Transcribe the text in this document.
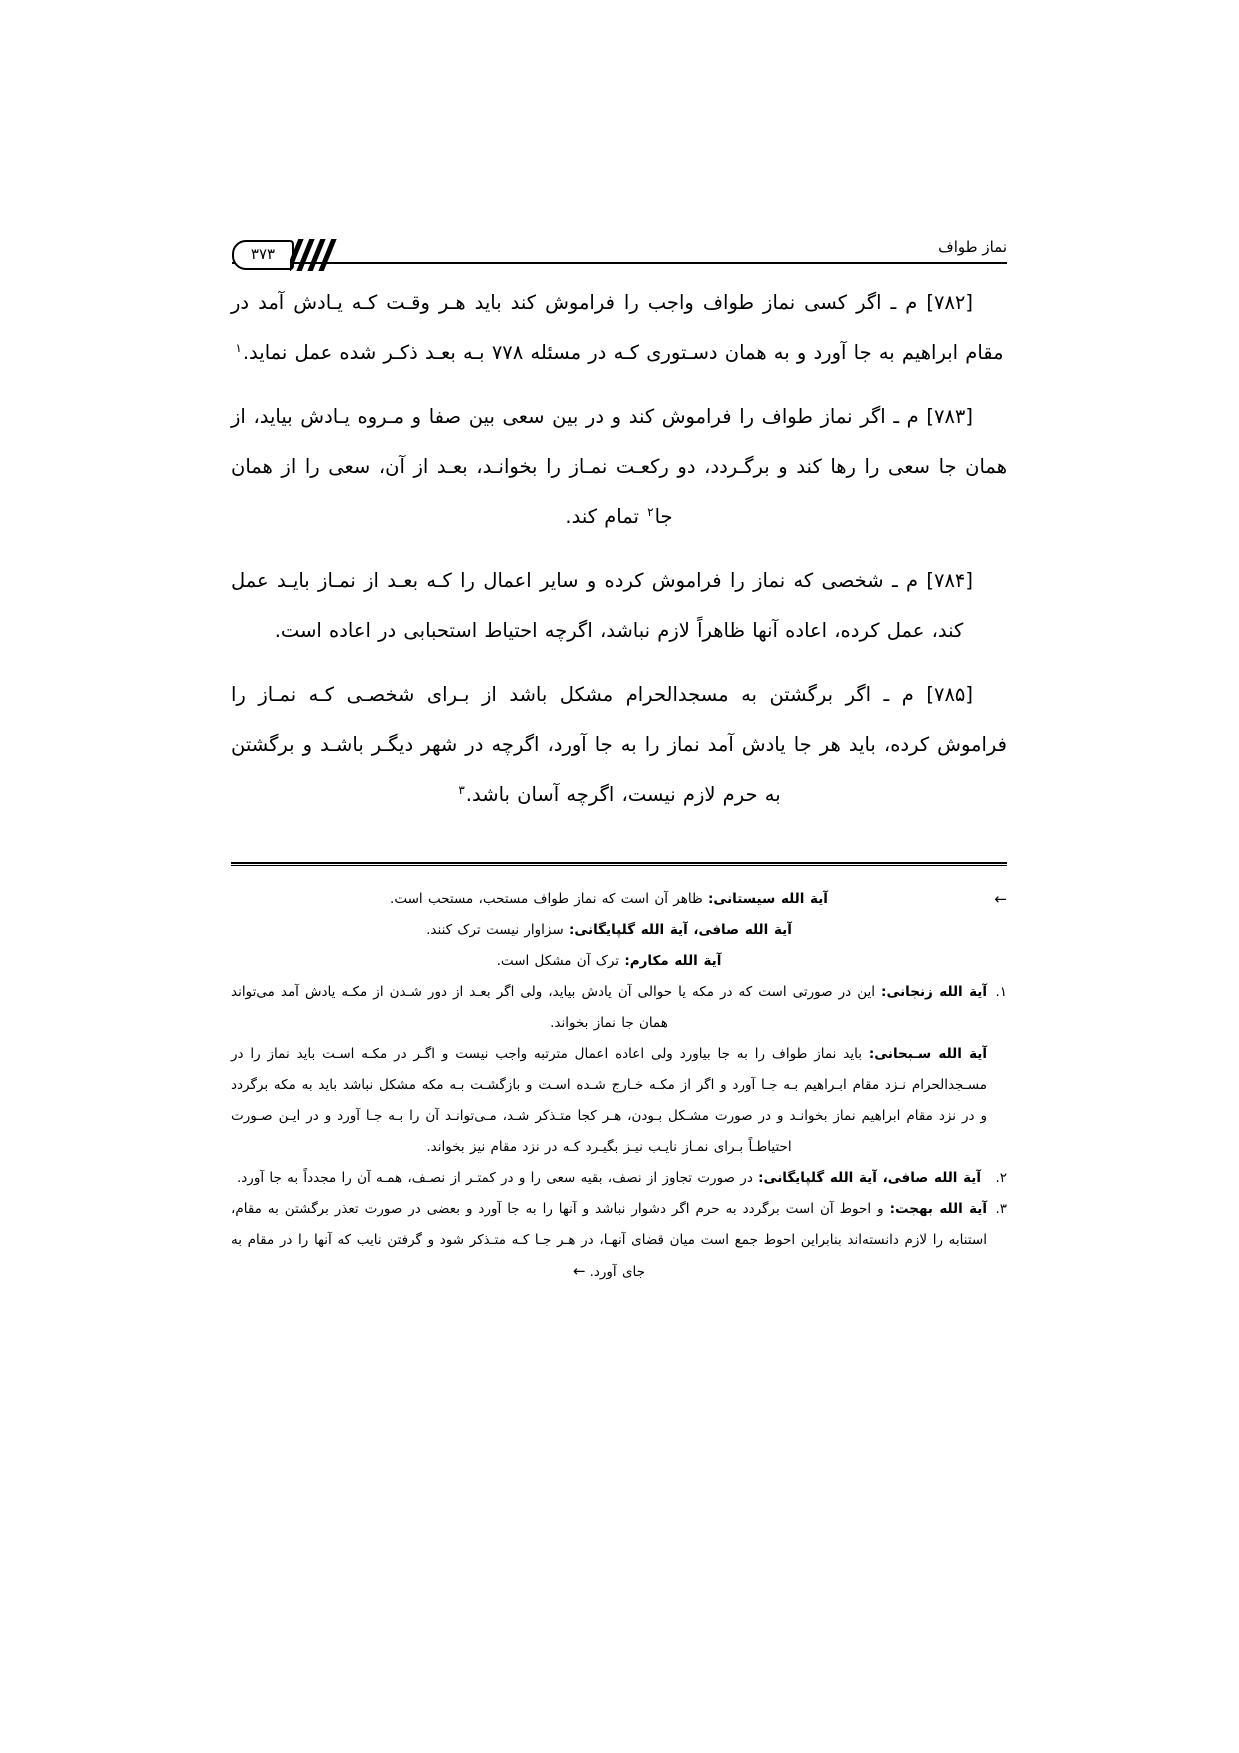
نماز طواف
۳۷۳

[۷۸۲] م ـ اگر کسی نماز طواف واجب را فراموش کند باید هـر وقـت کـه یـادش آمد در مقام ابراهیم به جا آورد و به همان دسـتوری کـه در مسئله ۷۷۸ بـه بعـد ذکـر شده عمل نماید.$^۱$

[۷۸۳] م ـ اگر نماز طواف را فراموش کند و در بین سعی بین صفا و مـروه یـادش بیاید، از همان جا سعی را رها کند و برگـردد، دو رکعـت نمـاز را بخوانـد، بعـد از آن، سعی را از همان جا$^۲$ تمام کند.

[۷۸۴] م ـ شخصی که نماز را فراموش کرده و سایر اعمال را کـه بعـد از نمـاز بایـد عمل کند، عمل کرده، اعاده آنها ظاهراً لازم نباشد، اگرچه احتیاط استحبابی در اعاده است.

[۷۸۵] م ـ اگر برگشتن به مسجدالحرام مشکل باشد از بـرای شخصـی کـه نمـاز را فراموش کرده، باید هر جا یادش آمد نماز را به جا آورد، اگرچه در شهر دیگـر باشـد و برگشتن به حرم لازم نیست، اگرچه آسان باشد.$^۳$

←
آیة الله سیستانی: ظاهر آن است که نماز طواف مستحب، مستحب است.
آیة الله صافی، آیة الله گلپایگانی: سزاوار نیست ترک کنند.
آیة الله مکارم: ترک آن مشکل است.
۱.
آیة الله زنجانی: این در صورتی است که در مکه یا حوالی آن یادش بیاید، ولی اگر بعـد از دور شـدن از مکـه یادش آمد می‌تواند همان جا نماز بخواند.
آیة الله سـبحانی: باید نماز طواف را به جا بیاورد ولی اعاده اعمال مترتبه واجب نیست و اگـر در مکـه اسـت باید نماز را در مسـجدالحرام نـزد مقام ابـراهیم بـه جـا آورد و اگر از مکـه خـارج شـده اسـت و بازگشـت بـه مکه مشکل نباشد باید به مکه برگردد و در نزد مقام ابراهیم نماز بخوانـد و در صورت مشـکل بـودن، هـر کجا متـذکر شـد، مـی‌توانـد آن را بـه جـا آورد و در ایـن صـورت احتیاطـاً بـرای نمـاز نایـب نیـز بگیـرد کـه در نزد مقام نیز بخواند.
۲.
آیة الله صافی، آیة الله گلپایگانی: در صورت تجاوز از نصف، بقیه سعی را و در کمتـر از نصـف، همـه آن را مجدداً به جا آورد.
۳.
آیة الله بهجت: و احوط آن است برگردد به حرم اگر دشوار نباشد و آنها را به جا آورد و بعضی در صورت تعذر برگشتن به مقام، استنابه را لازم دانسته‌اند بنابراین احوط جمع است میان قضای آنهـا، در هـر جـا کـه متـذکر شود و گرفتن نایب که آنها را در مقام به جای آورد.←
